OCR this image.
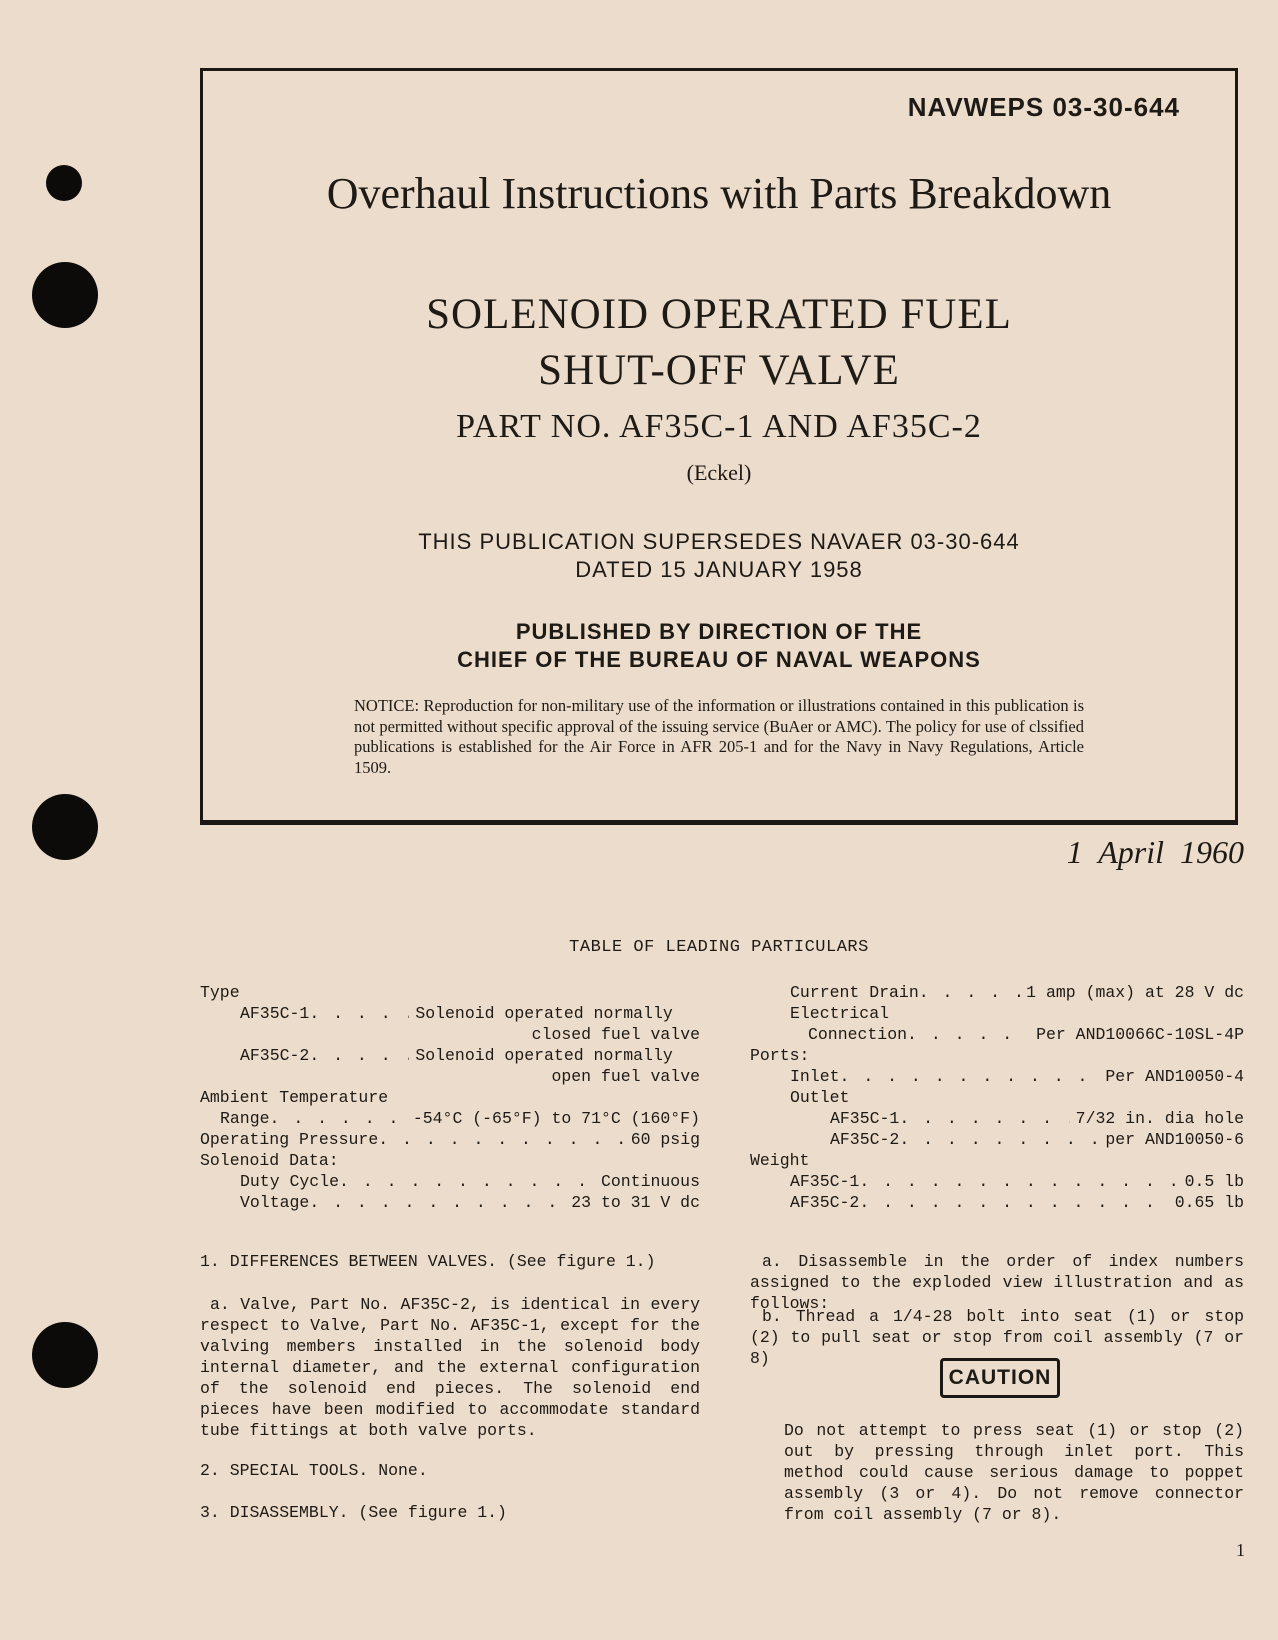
NAVWEPS 03-30-644
Overhaul Instructions with Parts Breakdown
SOLENOID OPERATED FUEL
SHUT-OFF VALVE
PART NO. AF35C-1 AND AF35C-2
(Eckel)
THIS PUBLICATION SUPERSEDES NAVAER 03-30-644
DATED 15 JANUARY 1958
PUBLISHED BY DIRECTION OF THE
CHIEF OF THE BUREAU OF NAVAL WEAPONS
NOTICE: Reproduction for non-military use of the information or illustrations contained in this publication is not permitted without specific approval of the issuing service (BuAer or AMC). The policy for use of clssified publications is established for the Air Force in AFR 205-1 and for the Navy in Navy Regulations, Article 1509.
1 April 1960
TABLE OF LEADING PARTICULARS
Type
AF35C-1 . . .	Solenoid operated normally
closed fuel valve
AF35C-2 . . .	Solenoid operated normally
open fuel valve
Ambient Temperature
Range . . .	-54°C (-65°F) to 71°C (160°F)
Operating Pressure . . .	60 psig
Solenoid Data:
Duty Cycle . . .	Continuous
Voltage . . .	23 to 31 V dc
Current Drain . . .	1 amp (max) at 28 V dc
Electrical
Connection . . .	Per AND10066C-10SL-4P
Ports:
Inlet . . .	Per AND10050-4
Outlet
AF35C-1 . . .	7/32 in. dia hole
AF35C-2 . . .	per AND10050-6
Weight
AF35C-1 . . .	0.5 lb
AF35C-2 . . .	0.65 lb
1. DIFFERENCES BETWEEN VALVES. (See figure 1.)
a. Valve, Part No. AF35C-2, is identical in every respect to Valve, Part No. AF35C-1, except for the valving members installed in the solenoid body internal diameter, and the external configuration of the solenoid end pieces. The solenoid end pieces have been modified to accommodate standard tube fittings at both valve ports.
2. SPECIAL TOOLS. None.
3. DISASSEMBLY. (See figure 1.)
a. Disassemble in the order of index numbers assigned to the exploded view illustration and as follows:
b. Thread a 1/4-28 bolt into seat (1) or stop (2) to pull seat or stop from coil assembly (7 or 8)
Do not attempt to press seat (1) or stop (2) out by pressing through inlet port. This method could cause serious damage to poppet assembly (3 or 4). Do not remove connector from coil assembly (7 or 8).
CAUTION
1
